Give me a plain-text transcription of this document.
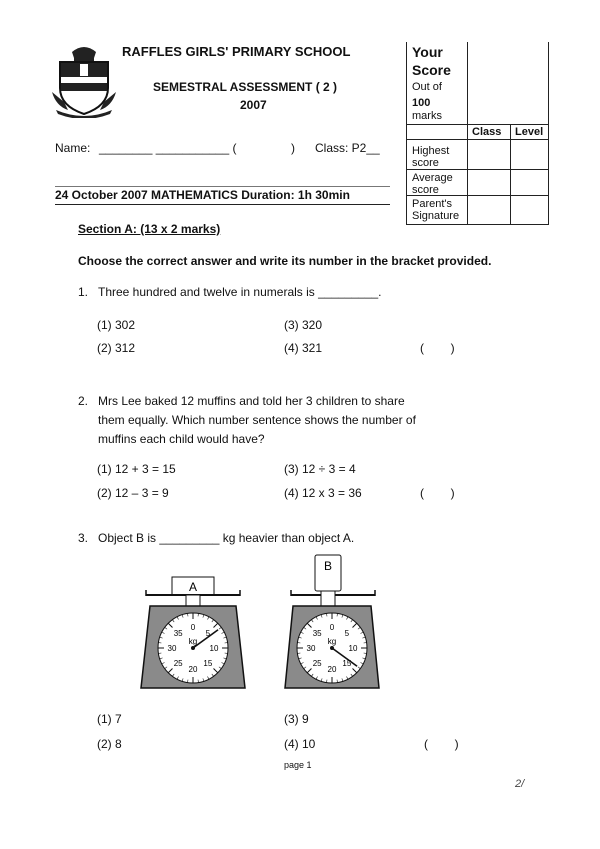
RAFFLES GIRLS' PRIMARY SCHOOL
SEMESTRAL ASSESSMENT ( 2 )
2007
Name: ________ ___________ (	) Class: P2__
24 October 2007 MATHEMATICS Duration: 1h 30min
Your
Score
Out of
100
marks
Class Level
Highest
score
Average
score
Parent's
Signature
Section A: (13 x 2 marks)
Choose the correct answer and write its number in the bracket provided.
1. Three hundred and twelve in numerals is _________.
(1) 302
(2) 312
(3) 320
(4) 321	(        )
2. Mrs Lee baked 12 muffins and told her 3 children to share
them equally. Which number sentence shows the number of
muffins each child would have?
(1) 12 + 3 = 15
(2) 12 – 3 = 9
(3) 12 ÷ 3 = 4
(4) 12 x 3 = 36	(        )
3. Object B is _________ kg heavier than object A.
A
0
5
10
15
20
25
30
35
kg
B
0
5
10
15
20
25
30
35
kg
(1) 7
(2) 8
(3) 9
(4) 10	(        )
page 1
2/
